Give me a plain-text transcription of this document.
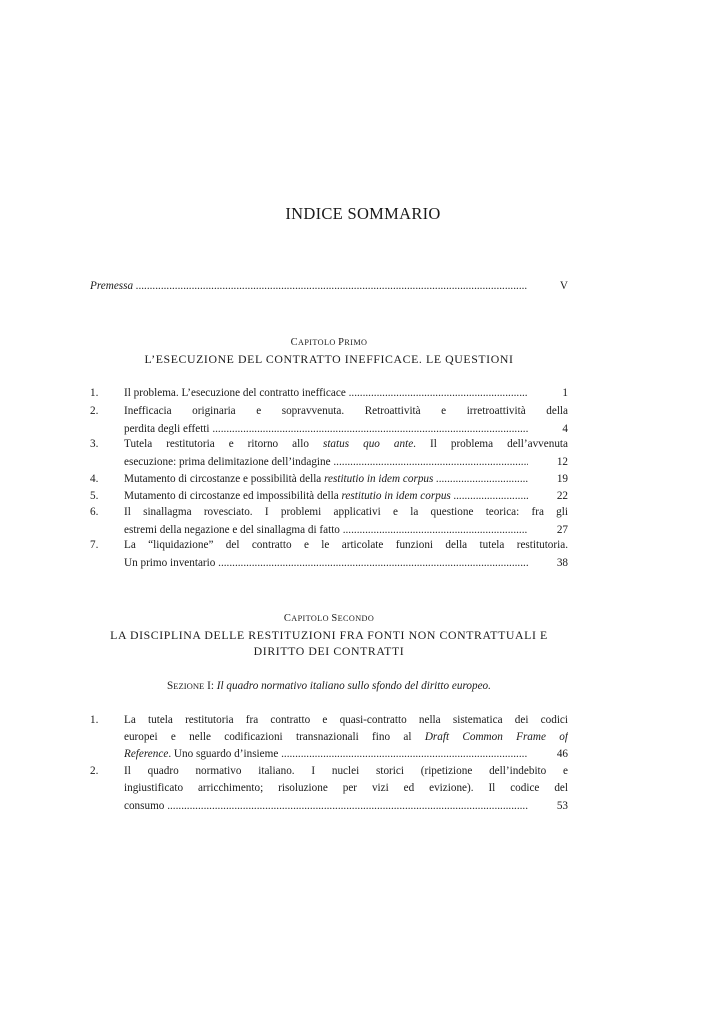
INDICE SOMMARIO
Premessa .....	V
CAPITOLO PRIMO
L’ESECUZIONE DEL CONTRATTO INEFFICACE. LE QUESTIONI
1. Il problema. L’esecuzione del contratto inefficace .....	1
2. Inefficacia originaria e sopravvenuta. Retroattività e irretroattività della
perdita degli effetti .....	4
3. Tutela restitutoria e ritorno allo status quo ante. Il problema dell’avvenuta
esecuzione: prima delimitazione dell’indagine .....	12
4. Mutamento di circostanze e possibilità della restitutio in idem corpus .....	19
5. Mutamento di circostanze ed impossibilità della restitutio in idem corpus .....	22
6. Il sinallagma rovesciato. I problemi applicativi e la questione teorica: fra gli
estremi della negazione e del sinallagma di fatto .....	27
7. La “liquidazione” del contratto e le articolate funzioni della tutela restitutoria.
Un primo inventario .....	38
CAPITOLO SECONDO
LA DISCIPLINA DELLE RESTITUZIONI FRA FONTI NON CONTRATTUALI E
DIRITTO DEI CONTRATTI
SEZIONE I: Il quadro normativo italiano sullo sfondo del diritto europeo.
1. La tutela restitutoria fra contratto e quasi-contratto nella sistematica dei codici
europei e nelle codificazioni transnazionali fino al Draft Common Frame of
Reference. Uno sguardo d’insieme .....	46
2. Il quadro normativo italiano. I nuclei storici (ripetizione dell’indebito e
ingiustificato arricchimento; risoluzione per vizi ed evizione). Il codice del
consumo .....	53
